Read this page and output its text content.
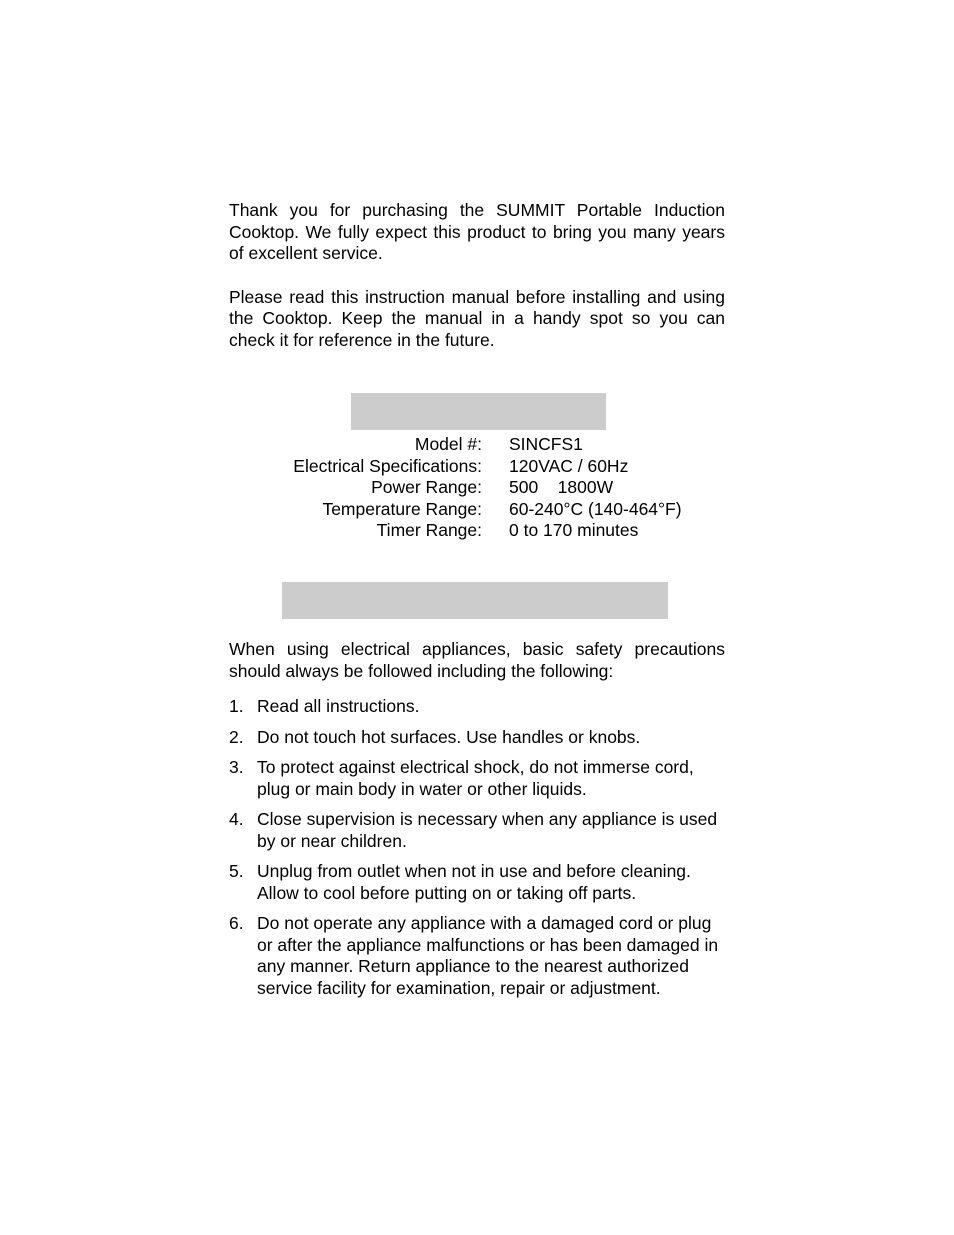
Thank you for purchasing the SUMMIT Portable Induction Cooktop. We fully expect this product to bring you many years of excellent service.

Please read this instruction manual before installing and using the Cooktop. Keep the manual in a handy spot so you can check it for reference in the future.

Model #: SINCFS1
Electrical Specifications: 120VAC / 60Hz
Power Range: 500    1800W
Temperature Range: 60-240°C (140-464°F)
Timer Range: 0 to 170 minutes

When using electrical appliances, basic safety precautions should always be followed including the following:

1. Read all instructions.
2. Do not touch hot surfaces. Use handles or knobs.
3. To protect against electrical shock, do not immerse cord, plug or main body in water or other liquids.
4. Close supervision is necessary when any appliance is used by or near children.
5. Unplug from outlet when not in use and before cleaning. Allow to cool before putting on or taking off parts.
6. Do not operate any appliance with a damaged cord or plug or after the appliance malfunctions or has been damaged in any manner. Return appliance to the nearest authorized service facility for examination, repair or adjustment.
